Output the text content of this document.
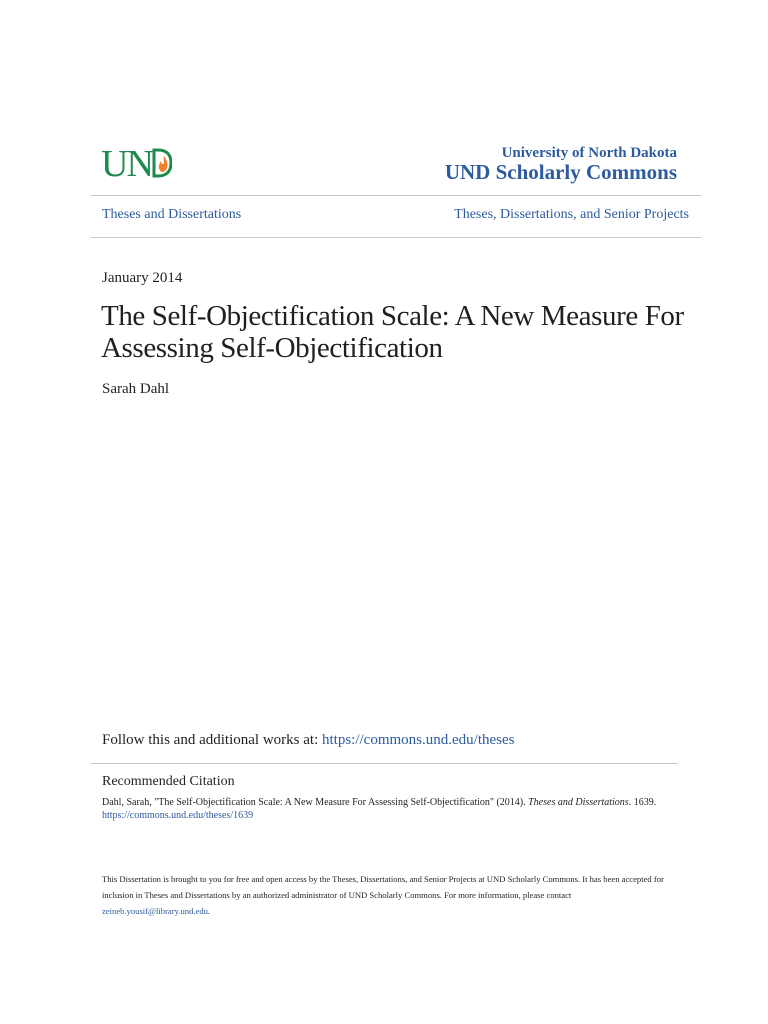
UN	University of North Dakota
UND Scholarly Commons
Theses and Dissertations	Theses, Dissertations, and Senior Projects
January 2014
The Self-Objectification Scale: A New Measure For Assessing Self-Objectification
Sarah Dahl
Follow this and additional works at: https://commons.und.edu/theses
Recommended Citation
Dahl, Sarah, "The Self-Objectification Scale: A New Measure For Assessing Self-Objectification" (2014). Theses and Dissertations. 1639.
https://commons.und.edu/theses/1639
This Dissertation is brought to you for free and open access by the Theses, Dissertations, and Senior Projects at UND Scholarly Commons. It has been accepted for inclusion in Theses and Dissertations by an authorized administrator of UND Scholarly Commons. For more information, please contact
zeineb.yousif@library.und.edu.
